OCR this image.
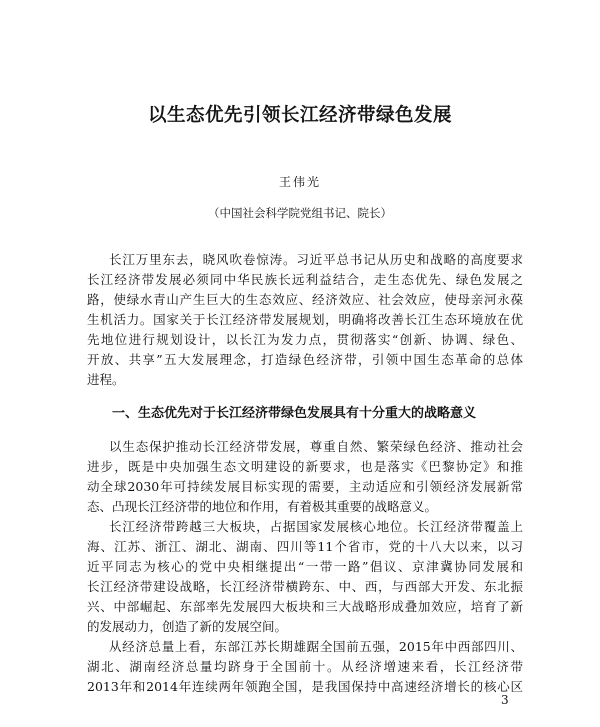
以生态优先引领长江经济带绿色发展
王伟光
（中国社会科学院党组书记、院长）
长江万里东去，晓风吹卷惊涛。习近平总书记从历史和战略的高度要求
长江经济带发展必须同中华民族长远利益结合，走生态优先、绿色发展之
路，使绿水青山产生巨大的生态效应、经济效应、社会效应，使母亲河永葆
生机活力。国家关于长江经济带发展规划，明确将改善长江生态环境放在优
先地位进行规划设计，以长江为发力点，贯彻落实“创新、协调、绿色、
开放、共享”五大发展理念，打造绿色经济带，引领中国生态革命的总体
进程。
一、生态优先对于长江经济带绿色发展具有十分重大的战略意义
以生态保护推动长江经济带发展，尊重自然、繁荣绿色经济、推动社会
进步，既是中央加强生态文明建设的新要求，也是落实《巴黎协定》和推
动全球2030年可持续发展目标实现的需要，主动适应和引领经济发展新常
态、凸现长江经济带的地位和作用，有着极其重要的战略意义。
长江经济带跨越三大板块，占据国家发展核心地位。长江经济带覆盖上
海、江苏、浙江、湖北、湖南、四川等11个省市，党的十八大以来，以习
近平同志为核心的党中央相继提出“一带一路”倡议、京津冀协同发展和
长江经济带建设战略，长江经济带横跨东、中、西，与西部大开发、东北振
兴、中部崛起、东部率先发展四大板块和三大战略形成叠加效应，培育了新
的发展动力，创造了新的发展空间。
从经济总量上看，东部江苏长期雄踞全国前五强，2015年中西部四川、
湖北、湖南经济总量均跻身于全国前十。从经济增速来看，长江经济带
2013年和2014年连续两年领跑全国，是我国保持中高速经济增长的核心区
3
